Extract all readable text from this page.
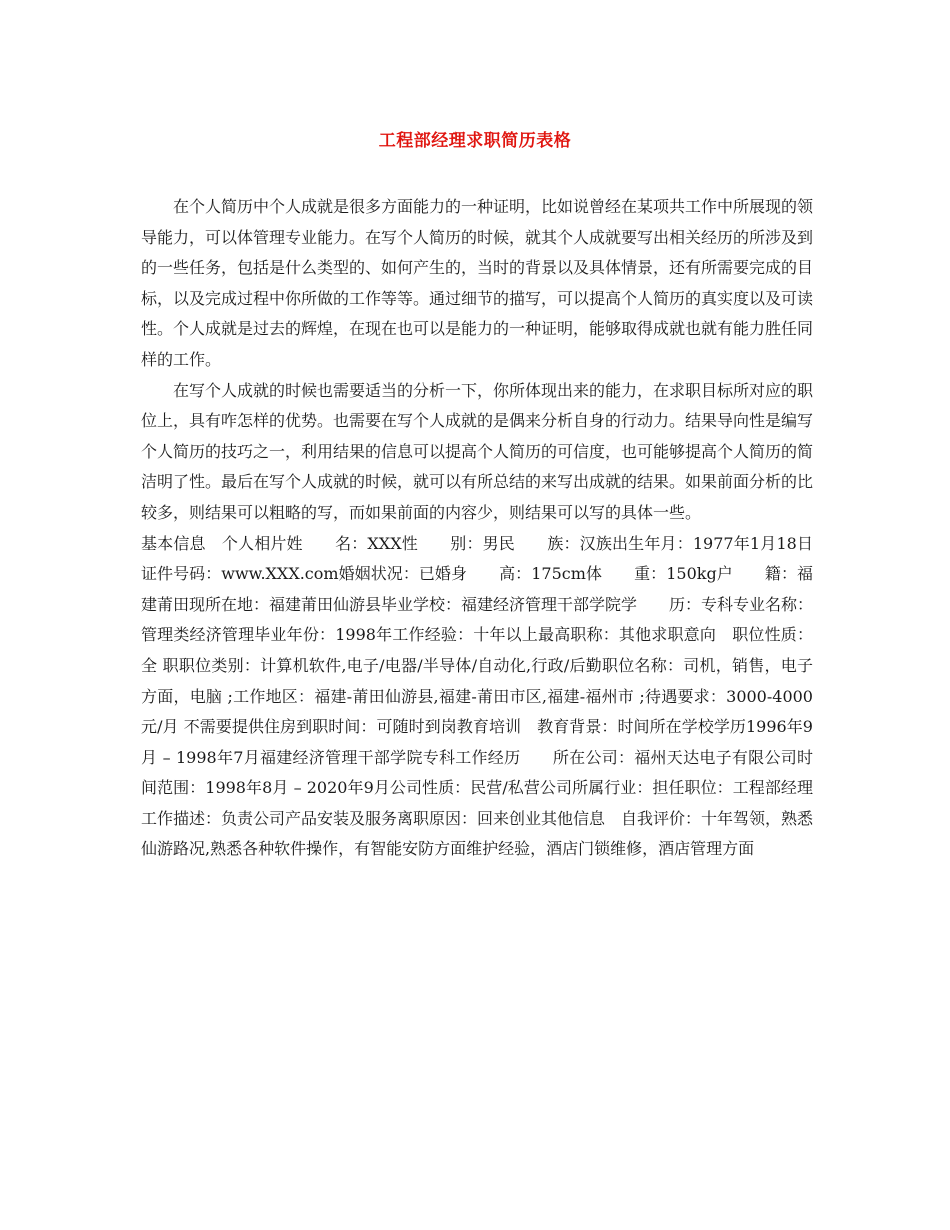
工程部经理求职简历表格

在个人简历中个人成就是很多方面能力的一种证明，比如说曾经在某项共工作中所展现的领导能力，可以体管理专业能力。在写个人简历的时候，就其个人成就要写出相关经历的所涉及到的一些任务，包括是什么类型的、如何产生的，当时的背景以及具体情景，还有所需要完成的目标，以及完成过程中你所做的工作等等。通过细节的描写，可以提高个人简历的真实度以及可读性。个人成就是过去的辉煌，在现在也可以是能力的一种证明，能够取得成就也就有能力胜任同样的工作。

在写个人成就的时候也需要适当的分析一下，你所体现出来的能力，在求职目标所对应的职位上，具有咋怎样的优势。也需要在写个人成就的是偶来分析自身的行动力。结果导向性是编写个人简历的技巧之一，利用结果的信息可以提高个人简历的可信度，也可能够提高个人简历的简洁明了性。最后在写个人成就的时候，就可以有所总结的来写出成就的结果。如果前面分析的比较多，则结果可以粗略的写，而如果前面的内容少，则结果可以写的具体一些。

基本信息　个人相片姓　　名：XXX性　　别：男民　　族：汉族出生年月：1977年1月18日证件号码：www.XXX.com婚姻状况：已婚身　　高：175cm体　　重：150kg户　　籍：福建莆田现所在地：福建莆田仙游县毕业学校：福建经济管理干部学院学　　历：专科专业名称：管理类经济管理毕业年份：1998年工作经验：十年以上最高职称：其他求职意向　职位性质：全 职职位类别：计算机软件,电子/电器/半导体/自动化,行政/后勤职位名称：司机，销售，电子方面，电脑 ;工作地区：福建-莆田仙游县,福建-莆田市区,福建-福州市 ;待遇要求：3000-4000元/月 不需要提供住房到职时间：可随时到岗教育培训　教育背景：时间所在学校学历1996年9月 – 1998年7月福建经济管理干部学院专科工作经历　　所在公司：福州天达电子有限公司时间范围：1998年8月 – 2020年9月公司性质：民营/私营公司所属行业：担任职位：工程部经理工作描述：负责公司产品安装及服务离职原因：回来创业其他信息　自我评价：十年驾领，熟悉仙游路况,熟悉各种软件操作，有智能安防方面维护经验，酒店门锁维修，酒店管理方面
